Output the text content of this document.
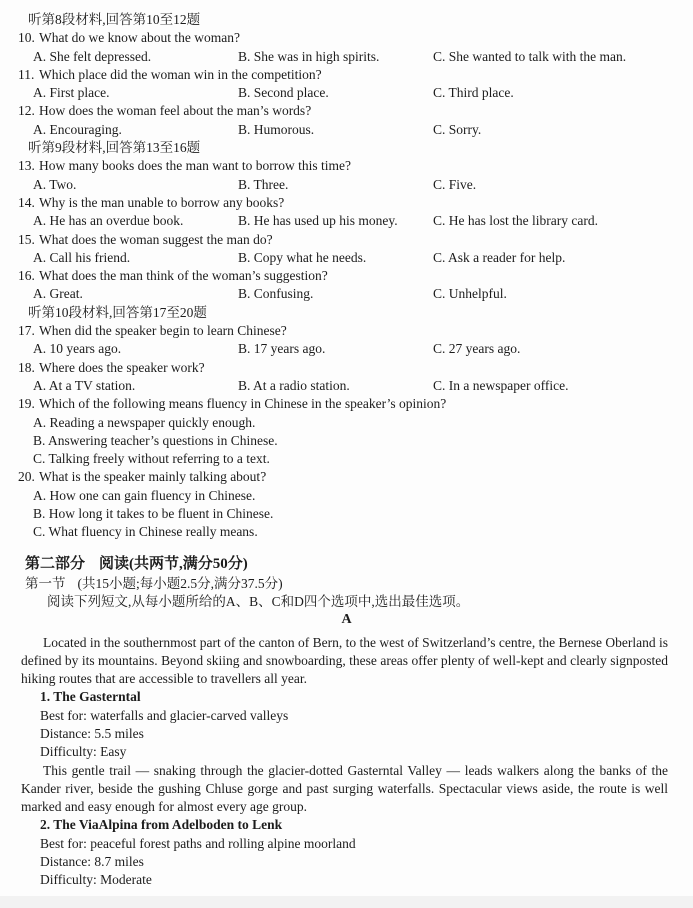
听第8段材料,回答第10至12题
10. What do we know about the woman?
A. She felt depressed.	B. She was in high spirits.	C. She wanted to talk with the man.
11. Which place did the woman win in the competition?
A. First place.	B. Second place.	C. Third place.
12. How does the woman feel about the man’s words?
A. Encouraging.	B. Humorous.	C. Sorry.
听第9段材料,回答第13至16题
13. How many books does the man want to borrow this time?
A. Two.	B. Three.	C. Five.
14. Why is the man unable to borrow any books?
A. He has an overdue book.	B. He has used up his money.	C. He has lost the library card.
15. What does the woman suggest the man do?
A. Call his friend.	B. Copy what he needs.	C. Ask a reader for help.
16. What does the man think of the woman’s suggestion?
A. Great.	B. Confusing.	C. Unhelpful.
听第10段材料,回答第17至20题
17. When did the speaker begin to learn Chinese?
A. 10 years ago.	B. 17 years ago.	C. 27 years ago.
18. Where does the speaker work?
A. At a TV station.	B. At a radio station.	C. In a newspaper office.
19. Which of the following means fluency in Chinese in the speaker’s opinion?
A. Reading a newspaper quickly enough.
B. Answering teacher’s questions in Chinese.
C. Talking freely without referring to a text.
20. What is the speaker mainly talking about?
A. How one can gain fluency in Chinese.
B. How long it takes to be fluent in Chinese.
C. What fluency in Chinese really means.
第二部分 阅读(共两节,满分50分)
第一节 (共15小题;每小题2.5分,满分37.5分)
阅读下列短文,从每小题所给的A、B、C和D四个选项中,选出最佳选项。
A

Located in the southernmost part of the canton of Bern, to the west of Switzerland’s centre, the Bernese Oberland is defined by its mountains. Beyond skiing and snowboarding, these areas offer plenty of well-kept and clearly signposted hiking routes that are accessible to travellers all year.

1. The Gasterntal
Best for: waterfalls and glacier-carved valleys
Distance: 5.5 miles
Difficulty: Easy

This gentle trail — snaking through the glacier-dotted Gasterntal Valley — leads walkers along the banks of the Kander river, beside the gushing Chluse gorge and past surging waterfalls. Spectacular views aside, the route is well marked and easy enough for almost every age group.

2. The ViaAlpina from Adelboden to Lenk
Best for: peaceful forest paths and rolling alpine moorland
Distance: 8.7 miles
Difficulty: Moderate
